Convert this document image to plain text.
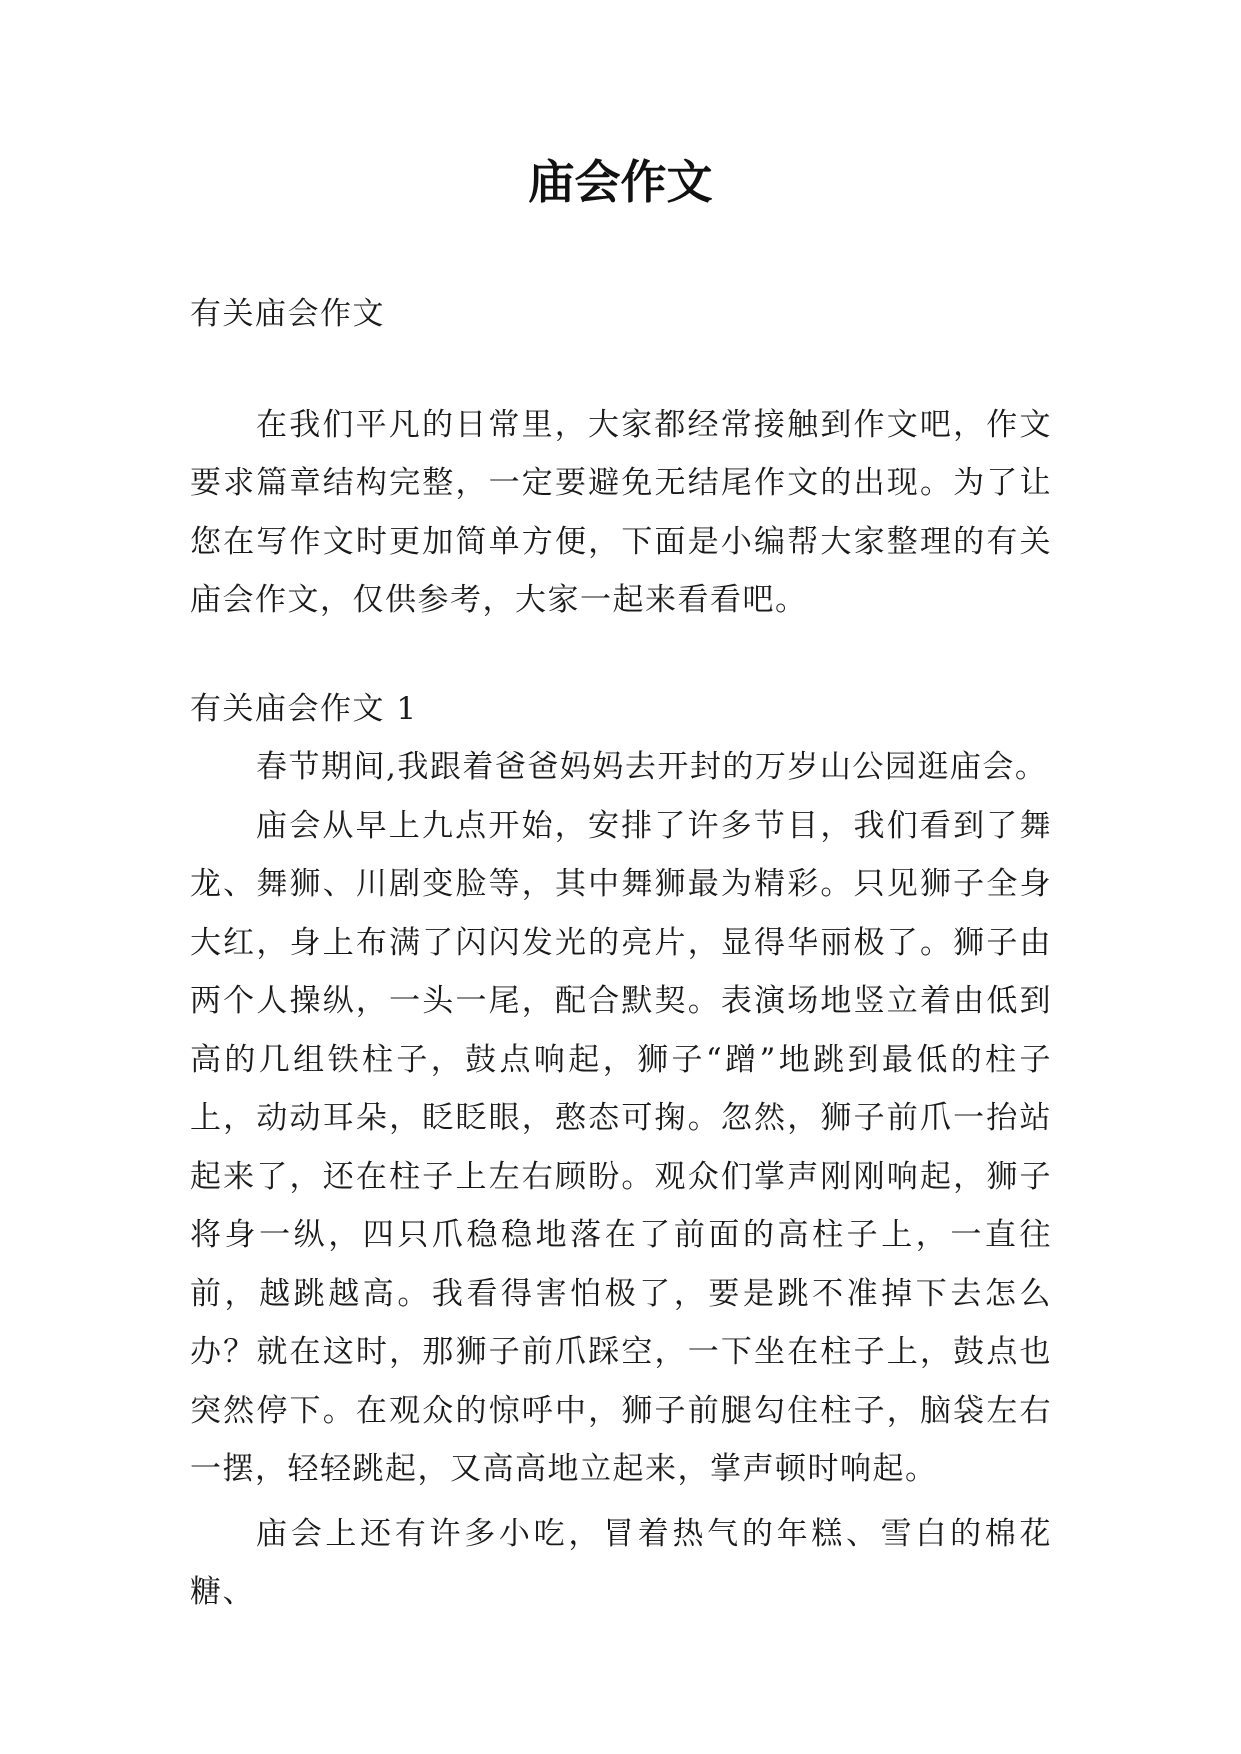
庙会作文

有关庙会作文

在我们平凡的日常里，大家都经常接触到作文吧，作文要求篇章结构完整，一定要避免无结尾作文的出现。为了让您在写作文时更加简单方便，下面是小编帮大家整理的有关庙会作文，仅供参考，大家一起来看看吧。

有关庙会作文 1

春节期间,我跟着爸爸妈妈去开封的万岁山公园逛庙会。

庙会从早上九点开始，安排了许多节目，我们看到了舞龙、舞狮、川剧变脸等，其中舞狮最为精彩。只见狮子全身大红，身上布满了闪闪发光的亮片，显得华丽极了。狮子由两个人操纵，一头一尾，配合默契。表演场地竖立着由低到高的几组铁柱子，鼓点响起，狮子“蹭”地跳到最低的柱子上，动动耳朵，眨眨眼，憨态可掬。忽然，狮子前爪一抬站起来了，还在柱子上左右顾盼。观众们掌声刚刚响起，狮子将身一纵，四只爪稳稳地落在了前面的高柱子上，一直往前，越跳越高。我看得害怕极了，要是跳不准掉下去怎么办？就在这时，那狮子前爪踩空，一下坐在柱子上，鼓点也突然停下。在观众的惊呼中，狮子前腿勾住柱子，脑袋左右一摆，轻轻跳起，又高高地立起来，掌声顿时响起。

庙会上还有许多小吃，冒着热气的年糕、雪白的棉花糖、
